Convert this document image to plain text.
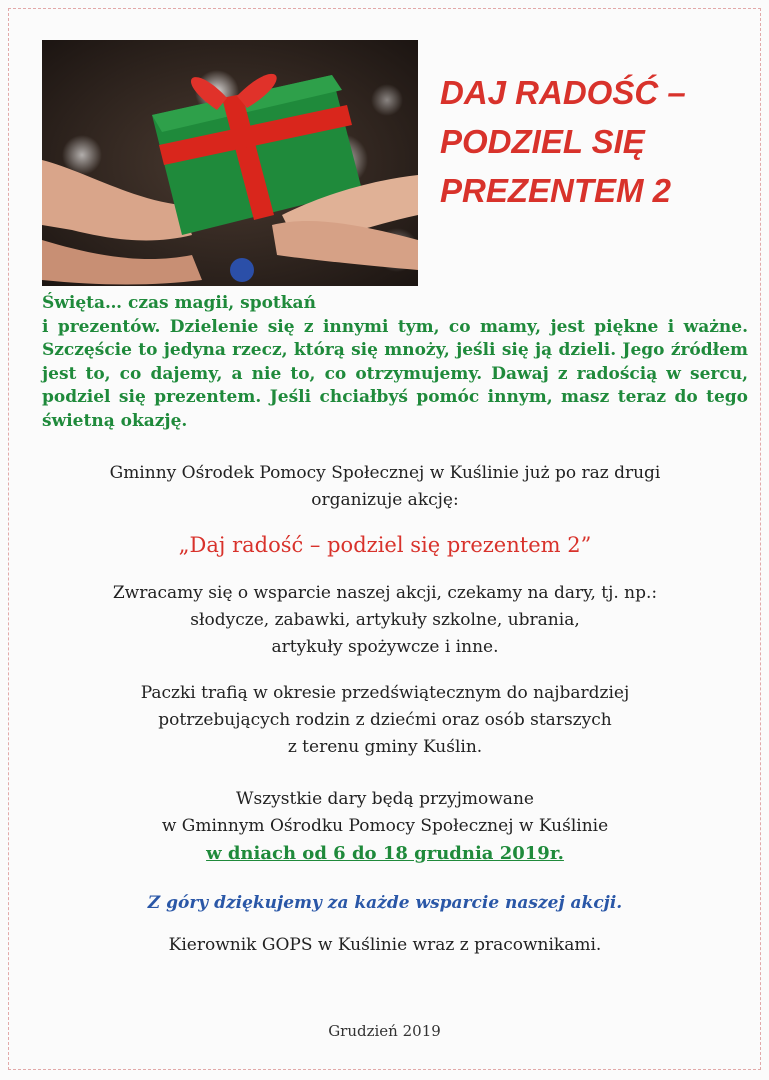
DAJ RADOŚĆ –
PODZIEL SIĘ
PREZENTEM 2
Święta… czas magii, spotkań
i prezentów. Dzielenie się z innymi tym, co mamy, jest piękne i ważne. Szczęście to jedyna rzecz, którą się mnoży, jeśli się ją dzieli. Jego źródłem jest to, co dajemy, a nie to, co otrzymujemy. Dawaj z radością w sercu, podziel się prezentem. Jeśli chciałbyś pomóc innym, masz teraz do tego świetną okazję.
Gminny Ośrodek Pomocy Społecznej w Kuślinie już po raz drugi
organizuje akcję:
„Daj radość – podziel się prezentem 2”
Zwracamy się o wsparcie naszej akcji, czekamy na dary, tj. np.:
słodycze, zabawki, artykuły szkolne, ubrania,
artykuły spożywcze i inne.
Paczki trafią w okresie przedświątecznym do najbardziej
potrzebujących rodzin z dziećmi oraz osób starszych
z terenu gminy Kuślin.
Wszystkie dary będą przyjmowane
w Gminnym Ośrodku Pomocy Społecznej w Kuślinie
w dniach od 6 do 18 grudnia 2019r.
Z góry dziękujemy za każde wsparcie naszej akcji.
Kierownik GOPS w Kuślinie wraz z pracownikami.
Grudzień 2019
